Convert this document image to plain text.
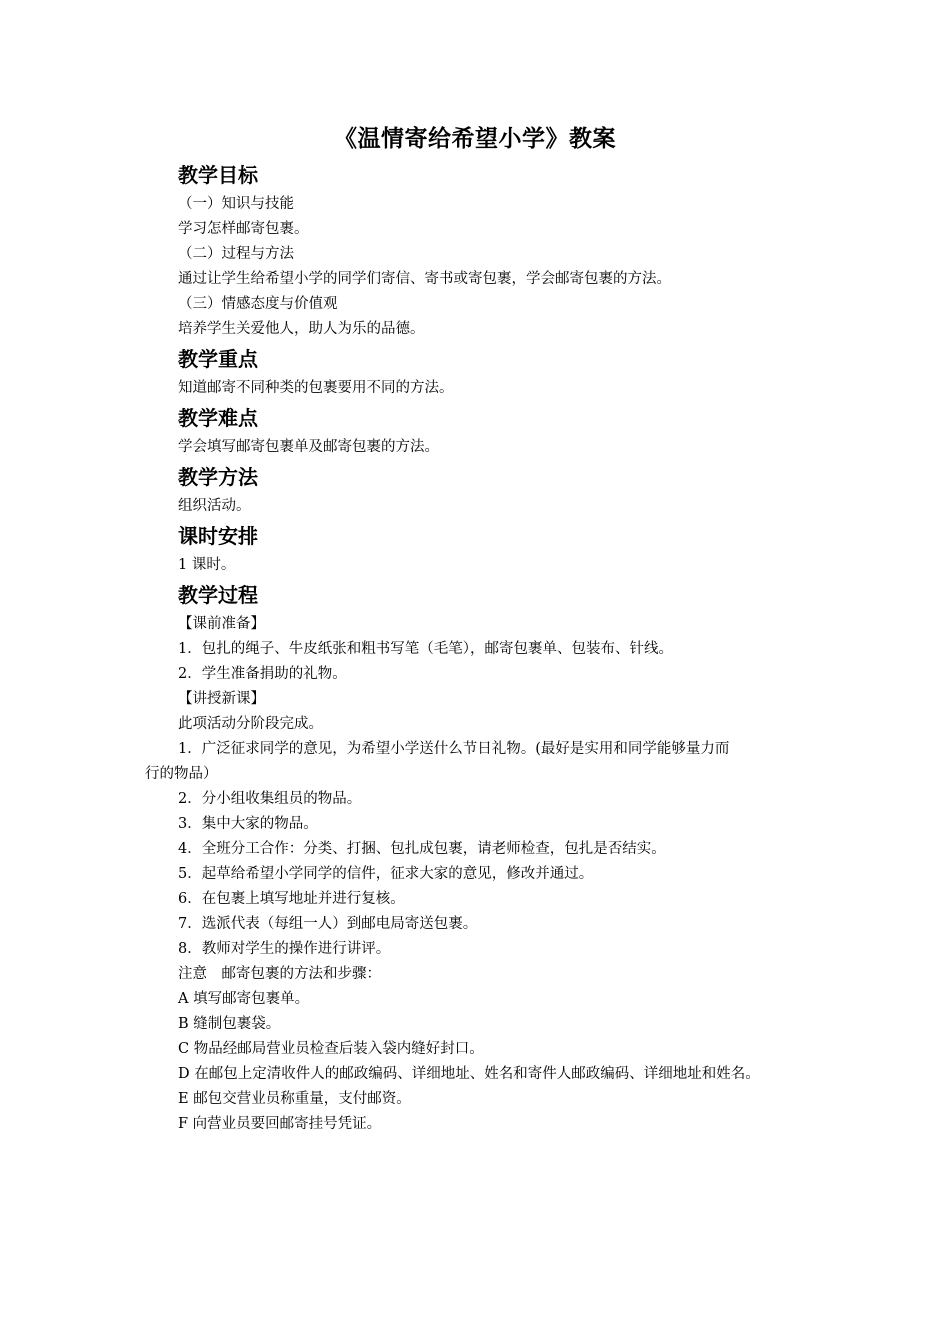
《温情寄给希望小学》教案
教学目标
（一）知识与技能
学习怎样邮寄包裹。
（二）过程与方法
通过让学生给希望小学的同学们寄信、寄书或寄包裹，学会邮寄包裹的方法。
（三）情感态度与价值观
培养学生关爱他人，助人为乐的品德。
教学重点
知道邮寄不同种类的包裹要用不同的方法。
教学难点
学会填写邮寄包裹单及邮寄包裹的方法。
教学方法
组织活动。
课时安排
1 课时。
教学过程
【课前准备】
1．包扎的绳子、牛皮纸张和粗书写笔（毛笔），邮寄包裹单、包装布、针线。
2．学生准备捐助的礼物。
【讲授新课】
此项活动分阶段完成。
1．广泛征求同学的意见，为希望小学送什么节日礼物。(最好是实用和同学能够量力而
行的物品）
2．分小组收集组员的物品。
3．集中大家的物品。
4．全班分工合作：分类、打捆、包扎成包裹，请老师检查，包扎是否结实。
5．起草给希望小学同学的信件，征求大家的意见，修改并通过。
6．在包裹上填写地址并进行复核。
7．选派代表（每组一人）到邮电局寄送包裹。
8．教师对学生的操作进行讲评。
注意　邮寄包裹的方法和步骤：
A 填写邮寄包裹单。
B 缝制包裹袋。
C 物品经邮局营业员检查后装入袋内缝好封口。
D 在邮包上定清收件人的邮政编码、详细地址、姓名和寄件人邮政编码、详细地址和姓名。
E 邮包交营业员称重量，支付邮资。
F 向营业员要回邮寄挂号凭证。
